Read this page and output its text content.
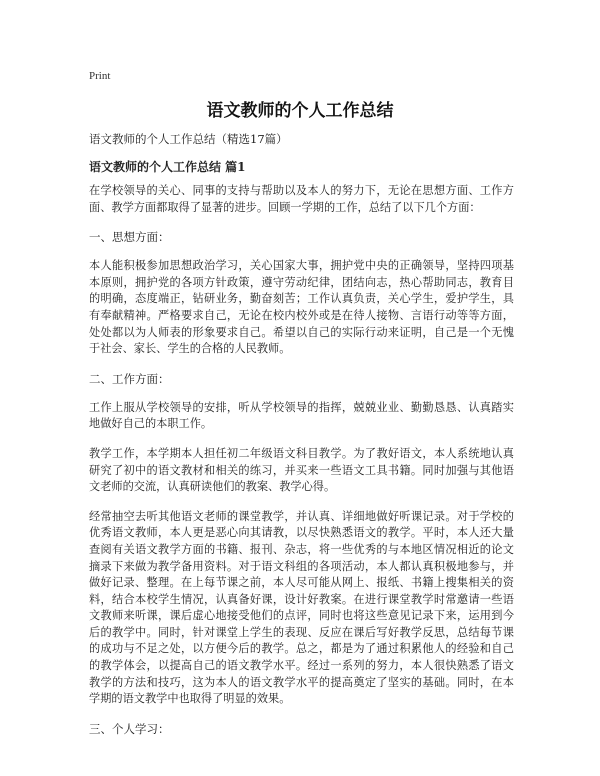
Print
语文教师的个人工作总结

语文教师的个人工作总结（精选17篇）

语文教师的个人工作总结 篇1

在学校领导的关心、同事的支持与帮助以及本人的努力下，无论在思想方面、工作方面、教学方面都取得了显著的进步。回顾一学期的工作，总结了以下几个方面：

一、思想方面：

本人能积极参加思想政治学习，关心国家大事，拥护党中央的正确领导，坚持四项基本原则，拥护党的各项方针政策，遵守劳动纪律，团结向志，热心帮助同志，教育目的明确，态度端正，钻研业务，勤奋刻苦；工作认真负责，关心学生，爱护学生，具有奉献精神。严格要求自己，无论在校内校外或是在待人接物、言语行动等等方面，处处都以为人师表的形象要求自己。希望以自己的实际行动来证明，自己是一个无愧于社会、家长、学生的合格的人民教师。

二、工作方面：

工作上服从学校领导的安排，听从学校领导的指挥，兢兢业业、勤勤恳恳、认真踏实地做好自己的本职工作。

教学工作，本学期本人担任初二年级语文科目教学。为了教好语文，本人系统地认真研究了初中的语文教材和相关的练习，并买来一些语文工具书籍。同时加强与其他语文老师的交流，认真研读他们的教案、教学心得。

经常抽空去听其他语文老师的课堂教学，并认真、详细地做好听课记录。对于学校的优秀语文教师，本人更是恶心向其请教，以尽快熟悉语文的教学。平时，本人还大量查阅有关语文教学方面的书籍、报刊、杂志，将一些优秀的与本地区情况相近的论文摘录下来做为教学备用资料。对于语文科组的各项活动，本人都认真积极地参与，并做好记录、整理。在上每节课之前，本人尽可能从网上、报纸、书籍上搜集相关的资料，结合本校学生情况，认真备好课，设计好教案。在进行课堂教学时常邀请一些语文教师来听课，课后虚心地接受他们的点评，同时也将这些意见记录下来，运用到今后的教学中。同时，针对课堂上学生的表现、反应在课后写好教学反思，总结每节课的成功与不足之处，以方便今后的教学。总之，都是为了通过积累他人的经验和自己的教学体会，以提高自己的语文教学水平。经过一系列的努力，本人很快熟悉了语文教学的方法和技巧，这为本人的语文教学水平的提高奠定了坚实的基础。同时，在本学期的语文教学中也取得了明显的效果。

三、个人学习：
